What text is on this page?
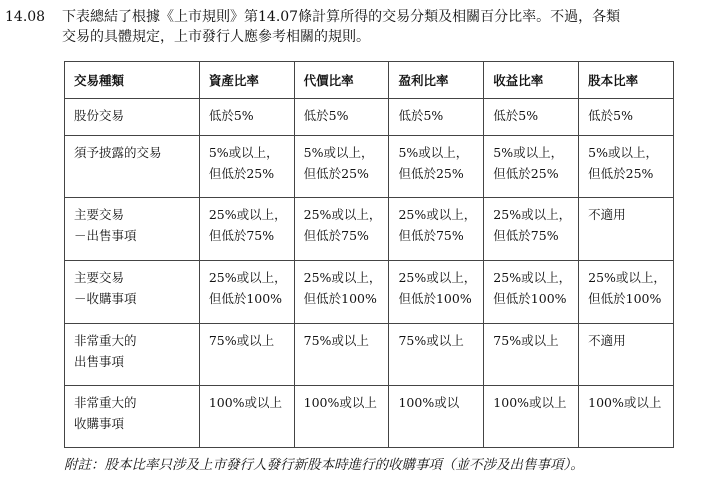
14.08 下表總結了根據《上市規則》第14.07條計算所得的交易分類及相關百分比率。不過，各類
交易的具體規定，上市發行人應參考相關的規則。
交易種類	資產比率	代價比率	盈利比率	收益比率	股本比率

股份交易	低於5%	低於5%	低於5%	低於5%	低於5%

須予披露的交易	5%或以上，
但低於25%	5%或以上，
但低於25%	5%或以上，
但低於25%	5%或以上，
但低於25%	5%或以上，
但低於25%

主要交易
－出售事項	25%或以上，
但低於75%	25%或以上，
但低於75%	25%或以上，
但低於75%	25%或以上，
但低於75%	不適用

主要交易
－收購事項	25%或以上，
但低於100%	25%或以上，
但低於100%	25%或以上，
但低於100%	25%或以上，
但低於100%	25%或以上，
但低於100%

非常重大的
出售事項	75%或以上	75%或以上	75%或以上	75%或以上	不適用

非常重大的
收購事項	100%或以上	100%或以上	100%或以	100%或以上	100%或以上
附註：股本比率只涉及上市發行人發行新股本時進行的收購事項（並不涉及出售事項）。
